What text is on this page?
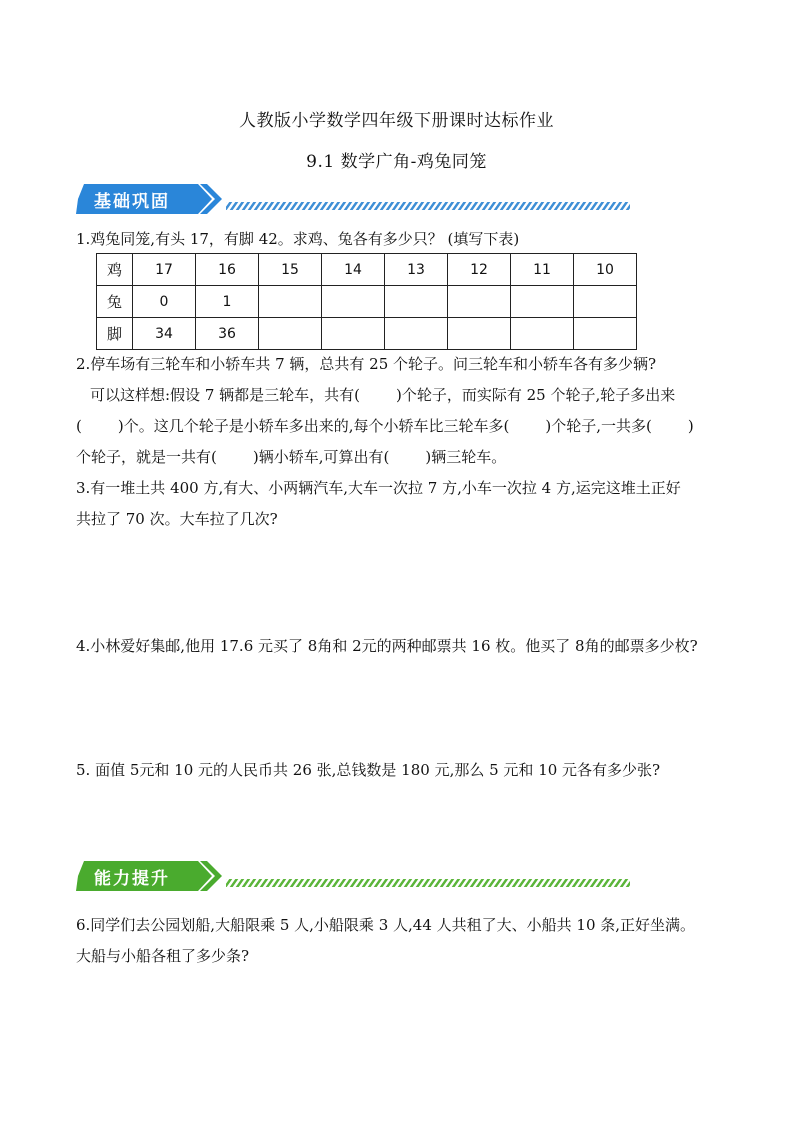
人教版小学数学四年级下册课时达标作业
9.1 数学广角-鸡兔同笼
基础巩固
1.鸡兔同笼,有头 17，有脚 42。求鸡、兔各有多少只？ (填写下表)
鸡	17	16	15	14	13	12	11	10
兔	0	1						
脚	34	36						
2.停车场有三轮车和小轿车共 7 辆，总共有 25 个轮子。问三轮车和小轿车各有多少辆?
可以这样想:假设 7 辆都是三轮车，共有( )个轮子，而实际有 25 个轮子,轮子多出来
( )个。这几个轮子是小轿车多出来的,每个小轿车比三轮车多( )个轮子,一共多( )
个轮子，就是一共有( )辆小轿车,可算出有( )辆三轮车。
3.有一堆土共 400 方,有大、小两辆汽车,大车一次拉 7 方,小车一次拉 4 方,运完这堆土正好
共拉了 70 次。大车拉了几次?
4.小林爱好集邮,他用 17.6 元买了 8角和 2元的两种邮票共 16 枚。他买了 8角的邮票多少枚?
5. 面值 5元和 10 元的人民币共 26 张,总钱数是 180 元,那么 5 元和 10 元各有多少张?
能力提升
6.同学们去公园划船,大船限乘 5 人,小船限乘 3 人,44 人共租了大、小船共 10 条,正好坐满。
大船与小船各租了多少条?
